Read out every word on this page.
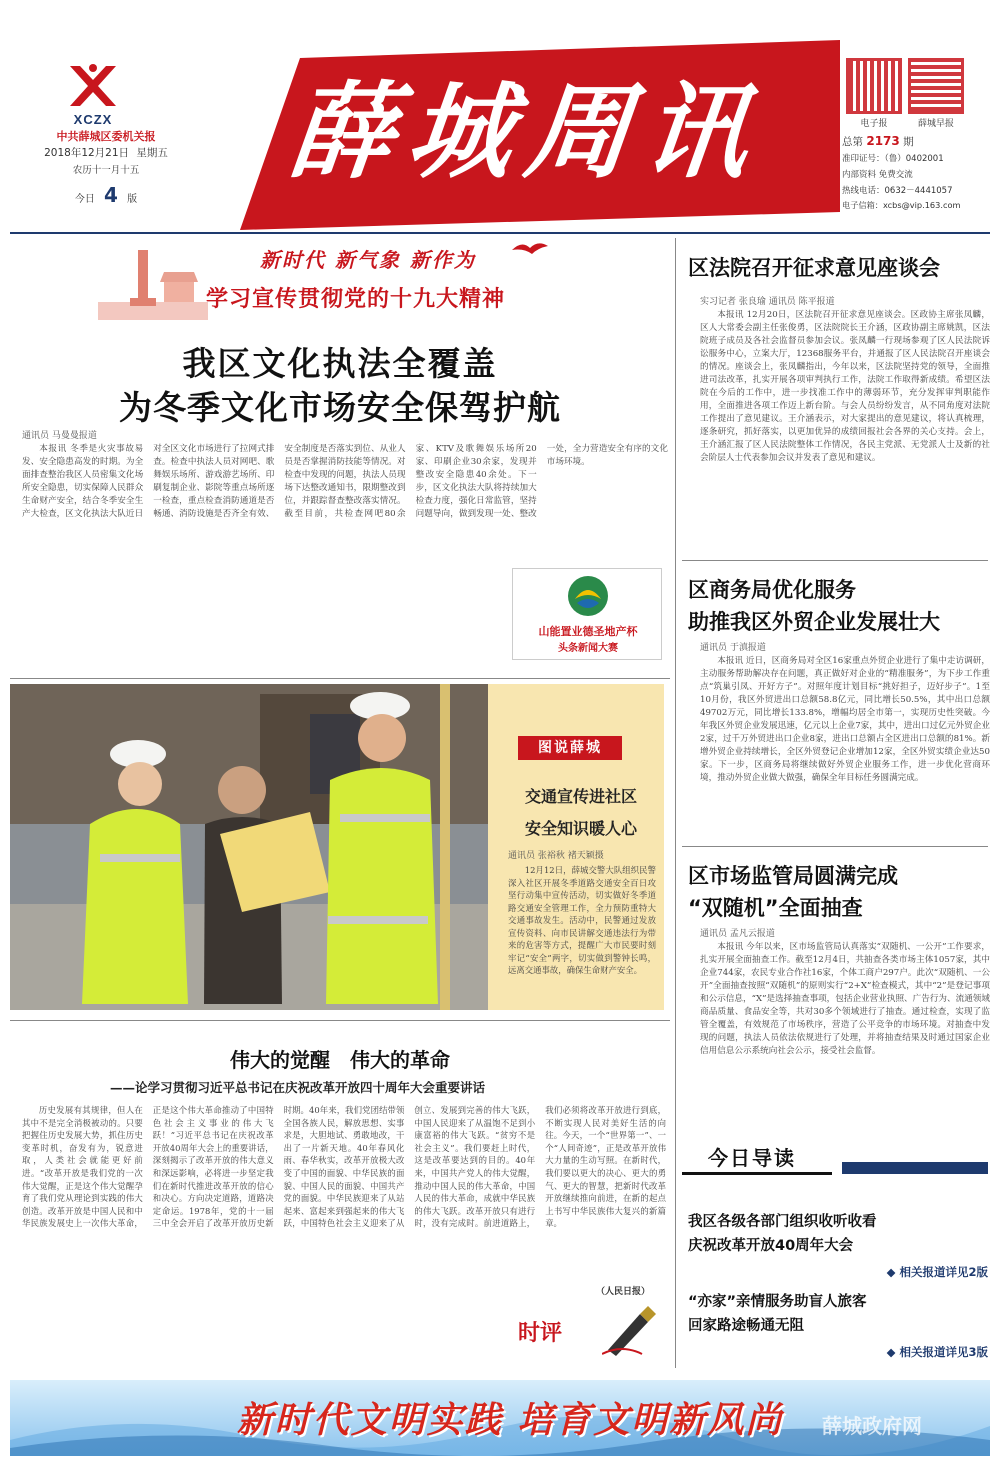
XCZX
中共薛城区委机关报
2018年12月21日 星期五
农历十一月十五
今日 4 版
薛城周讯	电子报	薛城早报
总第 2173 期
准印证号：（鲁）0402001
内部资料 免费交流
热线电话：0632－4441057
电子信箱：xcbs@vip.163.com
新时代 新气象 新作为
学习宣传贯彻党的十九大精神
我区文化执法全覆盖
为冬季文化市场安全保驾护航
通讯员 马曼曼报道
本报讯 冬季是火灾事故易发、安全隐患高发的时期。为全面排查整治我区人员密集文化场所安全隐患，切实保障人民群众生命财产安全，结合冬季安全生产大检查，区文化执法大队近日对全区文化市场进行了拉网式排查。检查中执法人员对网吧、歌舞娱乐场所、游戏游艺场所、印刷复制企业、影院等重点场所逐一检查，重点检查消防通道是否畅通、消防设施是否齐全有效、安全制度是否落实到位、从业人员是否掌握消防技能等情况。对检查中发现的问题，执法人员现场下达整改通知书，限期整改到位，并跟踪督查整改落实情况。截至目前，共检查网吧80余家、KTV及歌舞娱乐场所20家、印刷企业30余家，发现并整改安全隐患40余处。下一步，区文化执法大队将持续加大检查力度，强化日常监管，坚持问题导向，做到发现一处、整改一处，全力营造安全有序的文化市场环境。
山能置业德圣地产杯
头条新闻大赛
图说薛城
交通宣传进社区
安全知识暖人心
通讯员 张裕秋 褚天颖摄
12月12日，薛城交警大队组织民警深入社区开展冬季道路交通安全百日攻坚行动集中宣传活动，切实做好冬季道路交通安全管理工作，全力预防重特大交通事故发生。活动中，民警通过发放宣传资料、向市民讲解交通违法行为带来的危害等方式，提醒广大市民要时刻牢记“安全”两字，切实做到警钟长鸣，远离交通事故，确保生命财产安全。
伟大的觉醒　伟大的革命
——论学习贯彻习近平总书记在庆祝改革开放四十周年大会重要讲话
历史发展有其规律，但人在其中不是完全消极被动的。只要把握住历史发展大势，抓住历史变革时机，奋发有为，锐意进取，人类社会就能更好前进。“改革开放是我们党的一次伟大觉醒，正是这个伟大觉醒孕育了我们党从理论到实践的伟大创造。改革开放是中国人民和中华民族发展史上一次伟大革命，正是这个伟大革命推动了中国特色社会主义事业的伟大飞跃！”习近平总书记在庆祝改革开放40周年大会上的重要讲话，深刻揭示了改革开放的伟大意义和深远影响，必将进一步坚定我们在新时代推进改革开放的信心和决心。方向决定道路，道路决定命运。1978年，党的十一届三中全会开启了改革开放历史新时期。40年来，我们党团结带领全国各族人民，解放思想、实事求是，大胆地试、勇敢地改，干出了一片新天地。40年春风化雨、春华秋实，改革开放极大改变了中国的面貌、中华民族的面貌、中国人民的面貌、中国共产党的面貌。中华民族迎来了从站起来、富起来到强起来的伟大飞跃，中国特色社会主义迎来了从创立、发展到完善的伟大飞跃，中国人民迎来了从温饱不足到小康富裕的伟大飞跃。“贫穷不是社会主义”。我们要赶上时代，这是改革要达到的目的。40年来，中国共产党人的伟大觉醒，推动中国人民的伟大革命，中国人民的伟大革命，成就中华民族的伟大飞跃。改革开放只有进行时，没有完成时。前进道路上，我们必须将改革开放进行到底，不断实现人民对美好生活的向往。今天，一个“世界第一”、一个“人间奇迹”，正是改革开放伟大力量的生动写照。在新时代，我们要以更大的决心、更大的勇气、更大的智慧，把新时代改革开放继续推向前进，在新的起点上书写中华民族伟大复兴的新篇章。
（人民日报）
时评
区法院召开征求意见座谈会
实习记者 张良瑜 通讯员 陈平报道
本报讯 12月20日，区法院召开征求意见座谈会。区政协主席张凤麟，区人大常委会副主任张俊勇，区法院院长王介涵，区政协副主席姚凯，区法院班子成员及各社会监督员参加会议。张凤麟一行现场参观了区人民法院诉讼服务中心，立案大厅，12368服务平台，并通报了区人民法院召开座谈会的情况。座谈会上，张凤麟指出，今年以来，区法院坚持党的领导，全面推进司法改革，扎实开展各项审判执行工作，法院工作取得新成绩。希望区法院在今后的工作中，进一步找准工作中的薄弱环节，充分发挥审判职能作用，全面推进各项工作迈上新台阶。与会人员纷纷发言，从不同角度对法院工作提出了意见建议。王介涵表示，对大家提出的意见建议，将认真梳理，逐条研究，抓好落实，以更加优异的成绩回报社会各界的关心支持。会上，王介涵汇报了区人民法院整体工作情况，各民主党派、无党派人士及新的社会阶层人士代表参加会议并发表了意见和建议。
区商务局优化服务
助推我区外贸企业发展壮大
通讯员 于滇报道
本报讯 近日，区商务局对全区16家重点外贸企业进行了集中走访调研，主动服务帮助解决存在问题，真正做好对企业的“精准服务”，为下步工作重点“筑巢引凤、开好方子”。对照年度计划目标“挑好担子，迈好步子”。1至10月份，我区外贸进出口总额58.8亿元，同比增长50.5%，其中出口总额49702万元，同比增长133.8%，增幅均居全市第一，实现历史性突破。今年我区外贸企业发展迅速，亿元以上企业7家，其中，进出口过亿元外贸企业2家，过千万外贸进出口企业8家，进出口总额占全区进出口总额的81%。新增外贸企业持续增长，全区外贸登记企业增加12家，全区外贸实绩企业达50家。下一步，区商务局将继续做好外贸企业服务工作，进一步优化营商环境，推动外贸企业做大做强，确保全年目标任务圆满完成。
区市场监管局圆满完成
“双随机”全面抽查
通讯员 孟凡云报道
本报讯 今年以来，区市场监管局认真落实“双随机、一公开”工作要求，扎实开展全面抽查工作。截至12月4日，共抽查各类市场主体1057家，其中企业744家，农民专业合作社16家，个体工商户297户。此次“双随机、一公开”全面抽查按照“双随机”的原则实行“2+X”检查模式，其中“2”是登记事项和公示信息，“X”是选择抽查事项，包括企业营业执照、广告行为、流通领域商品质量、食品安全等，共对30多个领域进行了抽查。通过检查，实现了监管全覆盖，有效规范了市场秩序，营造了公平竞争的市场环境。对抽查中发现的问题，执法人员依法依规进行了处理，并将抽查结果及时通过国家企业信用信息公示系统向社会公示，接受社会监督。
今日导读
我区各级各部门组织收听收看
庆祝改革开放40周年大会
◆ 相关报道详见2版
“亦家”亲情服务助盲人旅客
回家路途畅通无阻
◆ 相关报道详见3版
新时代文明实践 培育文明新风尚	薛城政府网
